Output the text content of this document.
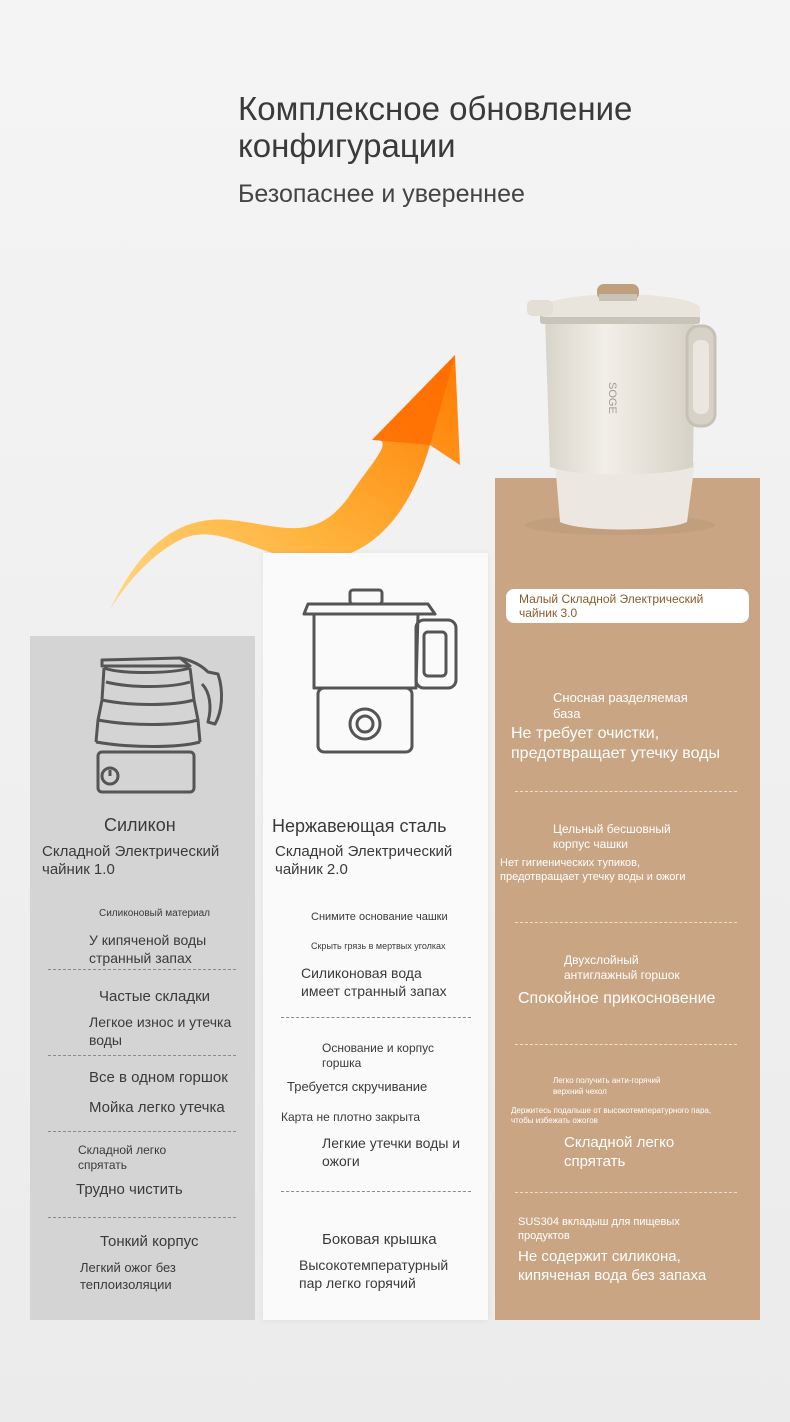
Комплексное обновление
конфигурации
Безопаснее и увереннее
SOGE
Силикон
Складной Электрический
чайник 1.0
Силиконовый материал
У кипяченой воды
странный запах
Частые складки
Легкое износ и утечка
воды
Все в одном горшок
Мойка легко утечка
Складной легко
спрятать
Трудно чистить
Тонкий корпус
Легкий ожог без
теплоизоляции
Нержавеющая сталь
Складной Электрический
чайник 2.0
Снимите основание чашки
Скрыть грязь в мертвых уголках
Силиконовая вода
имеет странный запах
Основание и корпус
горшка
Требуется скручивание
Карта не плотно закрыта
Легкие утечки воды и
ожоги
Боковая крышка
Высокотемпературный
пар легко горячий
Малый Складной Электрический
чайник 3.0
Сносная разделяемая
база
Не требует очистки,
предотвращает утечку воды
Цельный бесшовный
корпус чашки
Нет гигиенических тупиков,
предотвращает утечку воды и ожоги
Двухслойный
антиглажный горшок
Спокойное прикосновение
Легко получить анти-горячий
верхний чехол
Держитесь подальше от высокотемпературного пара,
чтобы избежать ожогов
Складной легко
спрятать
SUS304 вкладыш для пищевых
продуктов
Не содержит силикона,
кипяченая вода без запаха
